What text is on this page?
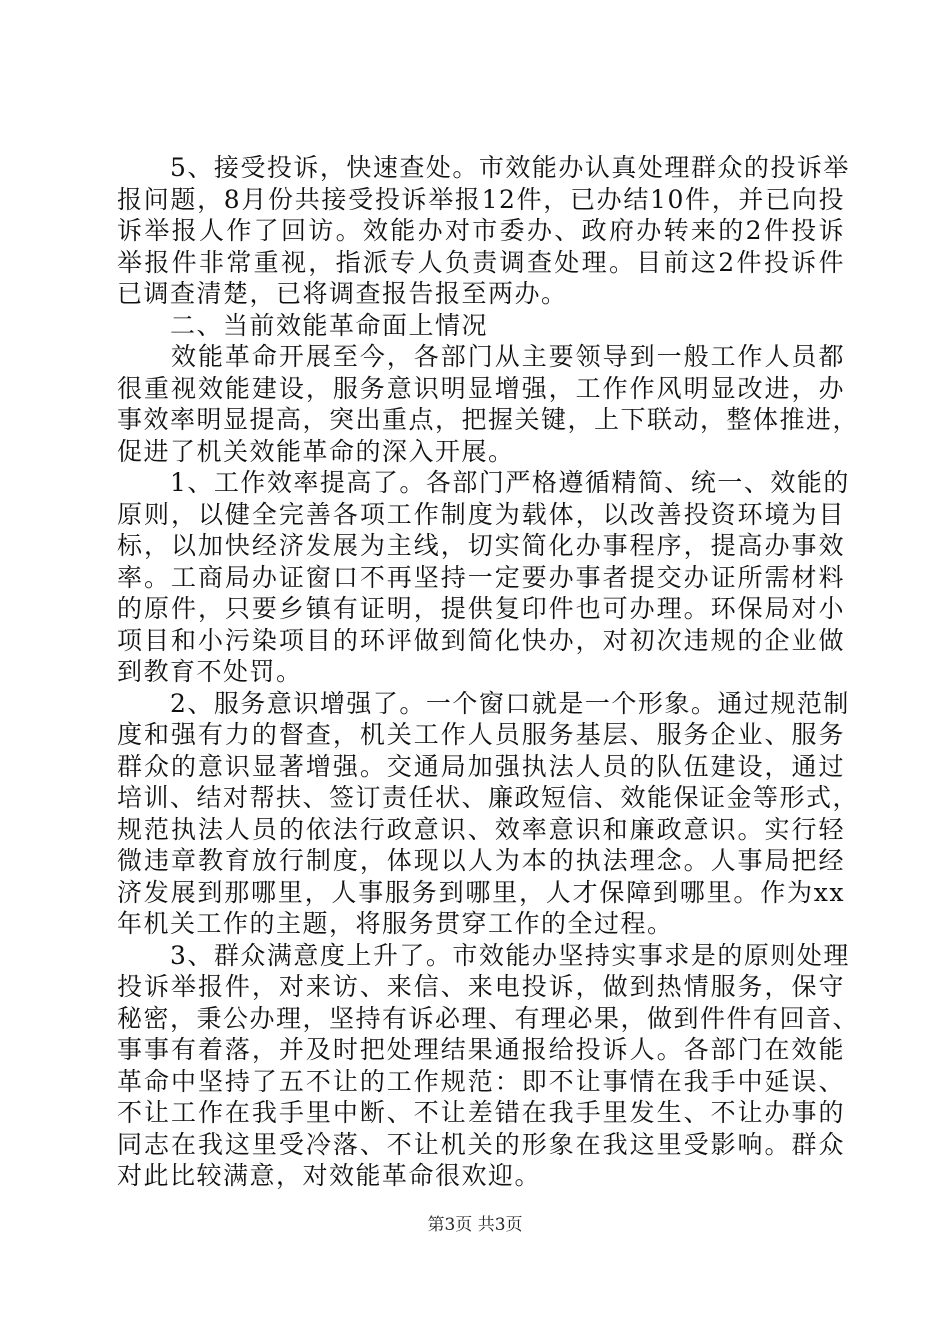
　　5、接受投诉，快速查处。市效能办认真处理群众的投诉举
报问题，8月份共接受投诉举报12件，已办结10件，并已向投
诉举报人作了回访。效能办对市委办、政府办转来的2件投诉
举报件非常重视，指派专人负责调查处理。目前这2件投诉件
已调查清楚，已将调查报告报至两办。
　　二、当前效能革命面上情况
　　效能革命开展至今，各部门从主要领导到一般工作人员都
很重视效能建设，服务意识明显增强，工作作风明显改进，办
事效率明显提高，突出重点，把握关键，上下联动，整体推进，
促进了机关效能革命的深入开展。
　　1、工作效率提高了。各部门严格遵循精简、统一、效能的
原则，以健全完善各项工作制度为载体，以改善投资环境为目
标，以加快经济发展为主线，切实简化办事程序，提高办事效
率。工商局办证窗口不再坚持一定要办事者提交办证所需材料
的原件，只要乡镇有证明，提供复印件也可办理。环保局对小
项目和小污染项目的环评做到简化快办，对初次违规的企业做
到教育不处罚。
　　2、服务意识增强了。一个窗口就是一个形象。通过规范制
度和强有力的督查，机关工作人员服务基层、服务企业、服务
群众的意识显著增强。交通局加强执法人员的队伍建设，通过
培训、结对帮扶、签订责任状、廉政短信、效能保证金等形式，
规范执法人员的依法行政意识、效率意识和廉政意识。实行轻
微违章教育放行制度，体现以人为本的执法理念。人事局把经
济发展到那哪里，人事服务到哪里，人才保障到哪里。作为xx
年机关工作的主题，将服务贯穿工作的全过程。
　　3、群众满意度上升了。市效能办坚持实事求是的原则处理
投诉举报件，对来访、来信、来电投诉，做到热情服务，保守
秘密，秉公办理，坚持有诉必理、有理必果，做到件件有回音、
事事有着落，并及时把处理结果通报给投诉人。各部门在效能
革命中坚持了五不让的工作规范：即不让事情在我手中延误、
不让工作在我手里中断、不让差错在我手里发生、不让办事的
同志在我这里受冷落、不让机关的形象在我这里受影响。群众
对此比较满意，对效能革命很欢迎。
第3页 共3页
